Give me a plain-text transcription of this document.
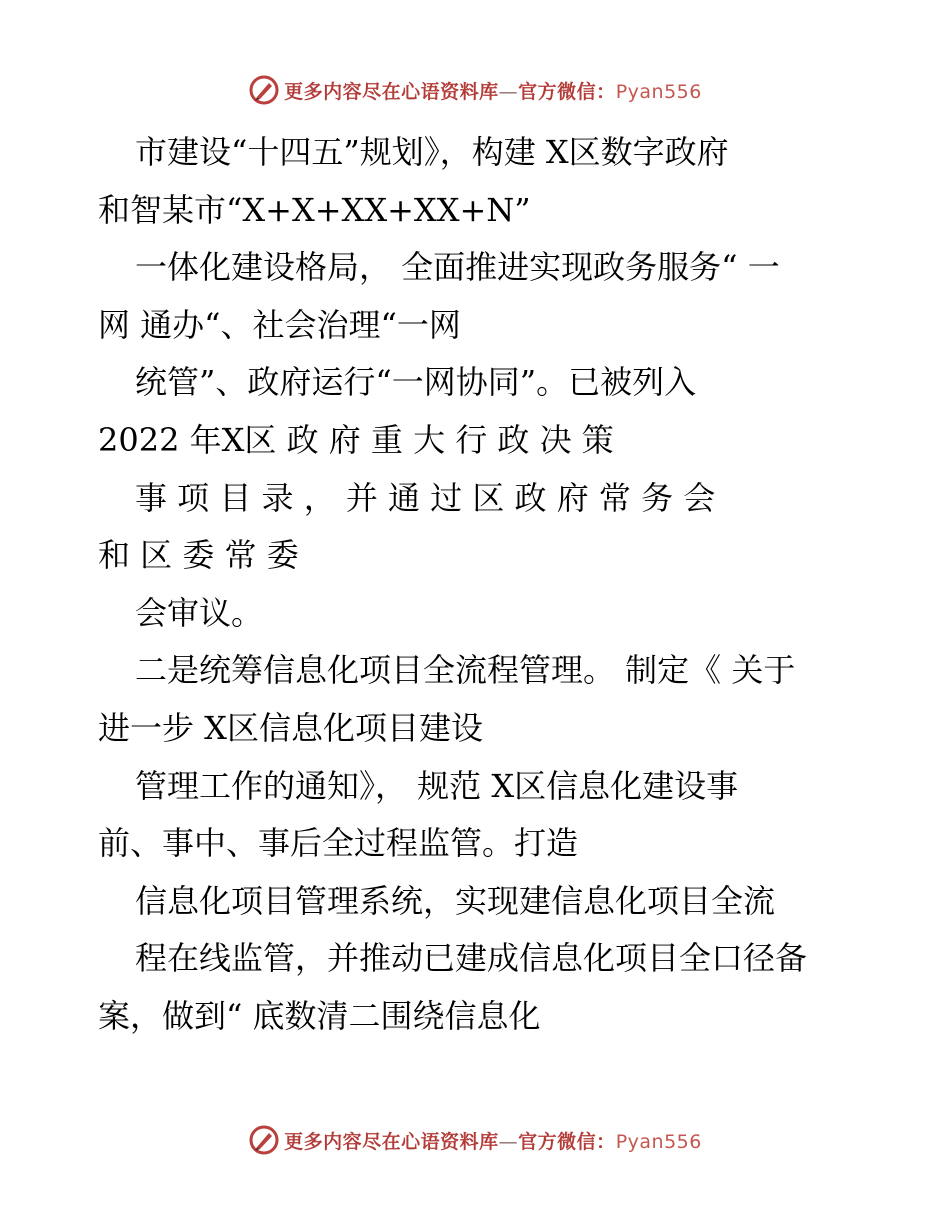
更多内容尽在心语资料库—官方微信：Pyan556
市建设“十四五”规划》，构建 X区数字政府
和智某市“X+X+XX+XX+N”
一体化建设格局， 全面推进实现政务服务“ 一
网 通办“、社会治理“一网
统管”、政府运行“一网协同”。已被列入
2022 年X区 政 府 重 大 行 政 决 策
事 项 目 录 ， 并 通 过 区 政 府 常 务 会
和 区 委 常 委
会审议。
二是统筹信息化项目全流程管理。 制定《 关于
进一步 X区信息化项目建设
管理工作的通知》， 规范 X区信息化建设事
前、事中、事后全过程监管。打造
信息化项目管理系统，实现建信息化项目全流
程在线监管，并推动已建成信息化项目全口径备
案，做到“ 底数清二围绕信息化
更多内容尽在心语资料库—官方微信：Pyan556
